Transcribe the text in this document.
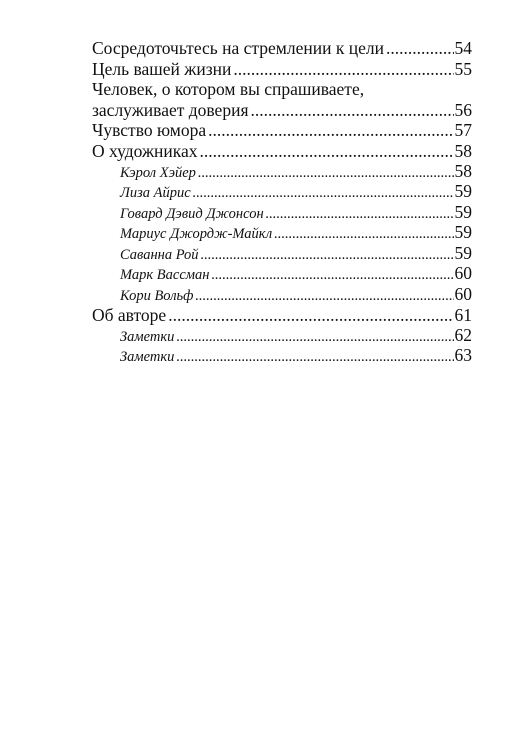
Сосредоточьтесь на стремлении к цели .....	54
Цель вашей жизни .....	55
Человек, о котором вы спрашиваете,
заслуживает доверия .....	56
Чувство юмора .....	57
О художниках .....	58
Кэрол Хэйер .....	58
Лиза Айрис .....	59
Говард Дэвид Джонсон .....	59
Мариус Джордж-Майкл .....	59
Саванна Рой .....	59
Марк Вассман .....	60
Кори Вольф .....	60
Об авторе .....	61
Заметки .....	62
Заметки .....	63
